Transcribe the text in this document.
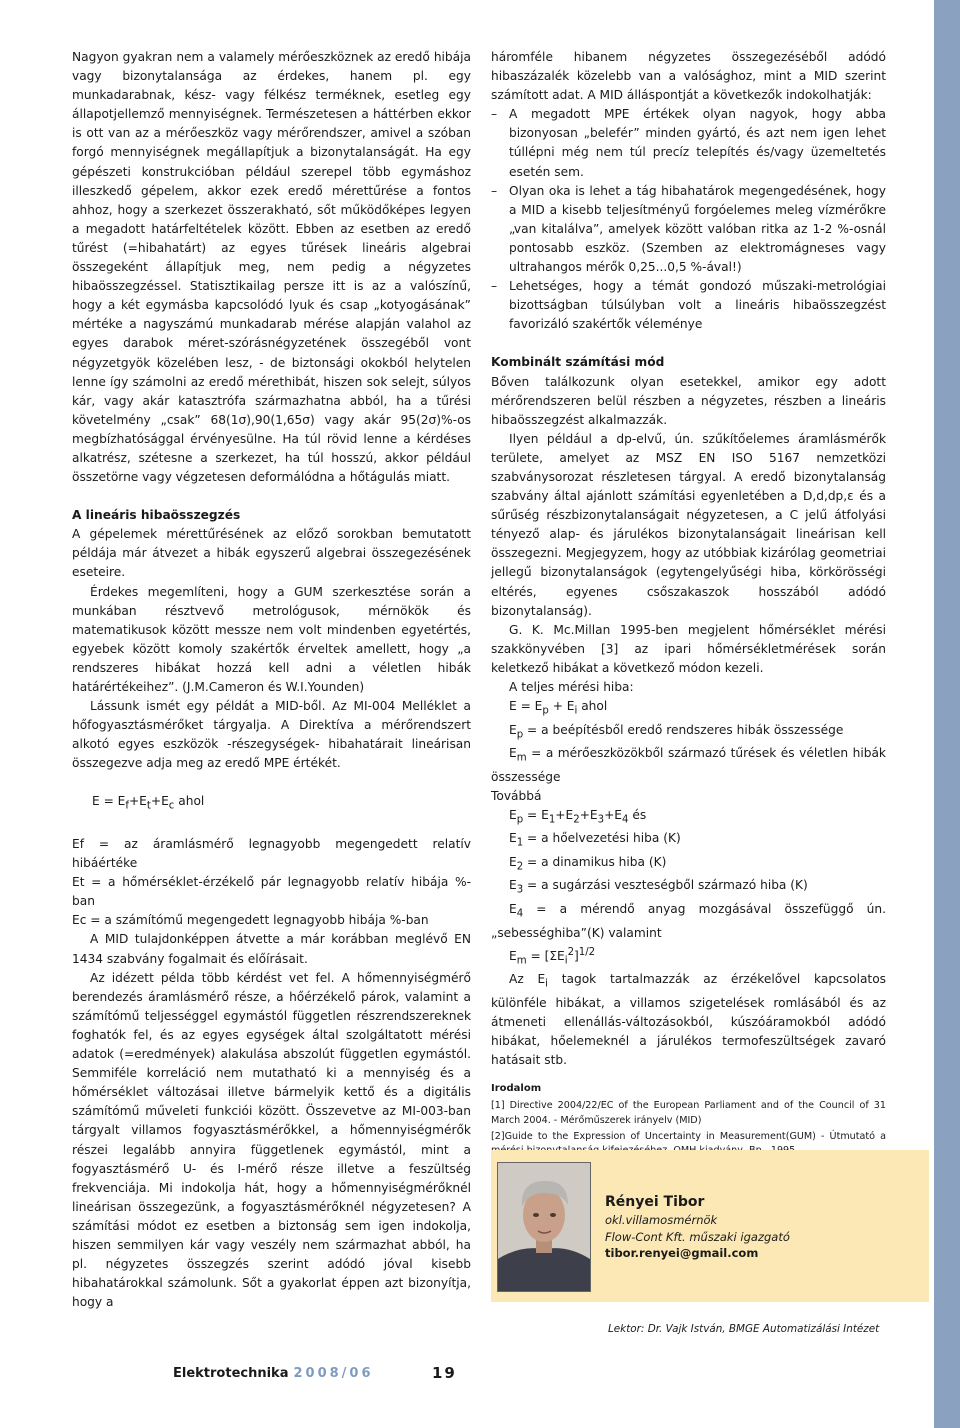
Nagyon gyakran nem a valamely mérőeszköznek az eredő hibája vagy bizonytalansága az érdekes, hanem pl. egy munkadarabnak, kész- vagy félkész terméknek, esetleg egy állapotjellemző mennyiségnek. Természetesen a háttérben ekkor is ott van az a mérőeszköz vagy mérőrendszer, amivel a szóban forgó mennyiségnek megállapítjuk a bizonytalanságát. Ha egy gépészeti konstrukcióban például szerepel több egymáshoz illeszkedő gépelem, akkor ezek eredő mérettűrése a fontos ahhoz, hogy a szerkezet összerakható, sőt működőképes legyen a megadott határfeltételek között. Ebben az esetben az eredő tűrést (=hibahatárt) az egyes tűrések lineáris algebrai összegeként állapítjuk meg, nem pedig a négyzetes hibaösszegzéssel. Statisztikailag persze itt is az a valószínű, hogy a két egymásba kapcsolódó lyuk és csap „kotyogásának” mértéke a nagyszámú munkadarab mérése alapján valahol az egyes darabok méret-szórásnégyzetének összegéből vont négyzetgyök közelében lesz, - de biztonsági okokból helytelen lenne így számolni az eredő mérethibát, hiszen sok selejt, súlyos kár, vagy akár katasztrófa származhatna abból, ha a tűrési követelmény „csak” 68(1σ),90(1,65σ) vagy akár 95(2σ)%-os megbízhatósággal érvényesülne. Ha túl rövid lenne a kérdéses alkatrész, szétesne a szerkezet, ha túl hosszú, akkor például összetörne vagy végzetesen deformálódna a hőtágulás miatt.

A lineáris hibaösszegzés

A gépelemek mérettűrésének az előző sorokban bemutatott példája már átvezet a hibák egyszerű algebrai összegezésének eseteire.

Érdekes megemlíteni, hogy a GUM szerkesztése során a munkában résztvevő metrológusok, mérnökök és matematikusok között messze nem volt mindenben egyetértés, egyebek között komoly szakértők érveltek amellett, hogy „a rendszeres hibákat hozzá kell adni a véletlen hibák határértékeihez”. (J.M.Cameron és W.I.Younden)

Lássunk ismét egy példát a MID-ből. Az MI-004 Melléklet a hőfogyasztásmérőket tárgyalja. A Direktíva a mérőrendszert alkotó egyes eszközök -részegységek- hibahatárait lineárisan összegezve adja meg az eredő MPE értékét.

$E = E_f+E_t+E_c$ ahol

Ef = az áramlásmérő legnagyobb megengedett relatív hibáértéke

Et = a hőmérséklet-érzékelő pár legnagyobb relatív hibája %-ban

Ec = a számítómű megengedett legnagyobb hibája %-ban

A MID tulajdonképpen átvette a már korábban meglévő EN 1434 szabvány fogalmait és előírásait.

Az idézett példa több kérdést vet fel. A hőmennyiségmérő berendezés áramlásmérő része, a hőérzékelő párok, valamint a számítómű teljességgel egymástól független részrendszereknek foghatók fel, és az egyes egységek által szolgáltatott mérési adatok (=eredmények) alakulása abszolút független egymástól. Semmiféle korreláció nem mutatható ki a mennyiség és a hőmérséklet változásai illetve bármelyik kettő és a digitális számítómű műveleti funkciói között. Összevetve az MI-003-ban tárgyalt villamos fogyasztásmérőkkel, a hőmennyiségmérők részei legalább annyira függetlenek egymástól, mint a fogyasztásmérő U- és I-mérő része illetve a feszültség frekvenciája. Mi indokolja hát, hogy a hőmennyiségmérőknél lineárisan összegezünk, a fogyasztásmérőknél négyzetesen? A számítási módot ez esetben a biztonság sem igen indokolja, hiszen semmilyen kár vagy veszély nem származhat abból, ha pl. négyzetes összegzés szerint adódó jóval kisebb hibahatárokkal számolunk. Sőt a gyakorlat éppen azt bizonyítja, hogy a

háromféle hibanem négyzetes összegezéséből adódó hibaszázalék közelebb van a valósághoz, mint a MID szerint számított adat. A MID álláspontját a következők indokolhatják:

– A megadott MPE értékek olyan nagyok, hogy abba bizonyosan „belefér” minden gyártó, és azt nem igen lehet túllépni még nem túl precíz telepítés és/vagy üzemeltetés esetén sem.
– Olyan oka is lehet a tág hibahatárok megengedésének, hogy a MID a kisebb teljesítményű forgóelemes meleg vízmérőkre „van kitalálva”, amelyek között valóban ritka az 1-2 %-osnál pontosabb eszköz. (Szemben az elektromágneses vagy ultrahangos mérők 0,25...0,5 %-ával!)
– Lehetséges, hogy a témát gondozó műszaki-metrológiai bizottságban túlsúlyban volt a lineáris hibaösszegzést favorizáló szakértők véleménye

Kombinált számítási mód

Bőven találkozunk olyan esetekkel, amikor egy adott mérőrendszeren belül részben a négyzetes, részben a lineáris hibaösszegzést alkalmazzák.

Ilyen például a dp-elvű, ún. szűkítőelemes áramlásmérők területe, amelyet az MSZ EN ISO 5167 nemzetközi szabványsorozat részletesen tárgyal. A eredő bizonytalanság szabvány által ajánlott számítási egyenletében a D,d,dp,ε és a sűrűség részbizonytalanságait négyzetesen, a C jelű átfolyási tényező alap- és járulékos bizonytalanságait lineárisan kell összegezni. Megjegyzem, hogy az utóbbiak kizárólag geometriai jellegű bizonytalanságok (egytengelyűségi hiba, körkörösségi eltérés, egyenes csőszakaszok hosszából adódó bizonytalanság).

G. K. Mc.Millan 1995-ben megjelent hőmérséklet mérési szakkönyvében [3] az ipari hőmérsékletmérések során keletkező hibákat a következő módon kezeli.

A teljes mérési hiba:

$E = E_p + E_i$ ahol

$E_p = a$ beépítésből eredő rendszeres hibák összessége

$E_m = a$ mérőeszközökből származó tűrések és véletlen hibák összessége

Továbbá

$E_p = E_1+E_2+E_3+E_4$ és

$E_1 = a$ hőelvezetési hiba (K)

$E_2 = a$ dinamikus hiba (K)

$E_3 = a$ sugárzási veszteségből származó hiba (K)

$E_4 = a$ mérendő anyag mozgásával összefüggő ún. „sebességhiba”(K) valamint

$E_m = [\Sigma E_i^2]^{1/2}$

Az $E_i$ tagok tartalmazzák az érzékelővel kapcsolatos különféle hibákat, a villamos szigetelések romlásából és az átmeneti ellenállás-változásokból, kúszóáramokból adódó hibákat, hőelemeknél a járulékos termofeszültségek zavaró hatásait stb.

Irodalom

[1] Directive 2004/22/EC of the European Parliament and of the Council of 31 March 2004. - Mérőműszerek irányelv (MID)

[2]Guide to the Expression of Uncertainty in Measurement(GUM) - Útmutató a

Rényei Tibor
okl.villamosmérnök
Flow-Cont Kft. műszaki igazgató
tibor.renyei@gmail.com
Lektor: Dr. Vajk István, BMGE Automatizálási Intézet
Elektrotechnika 2008/06	19
